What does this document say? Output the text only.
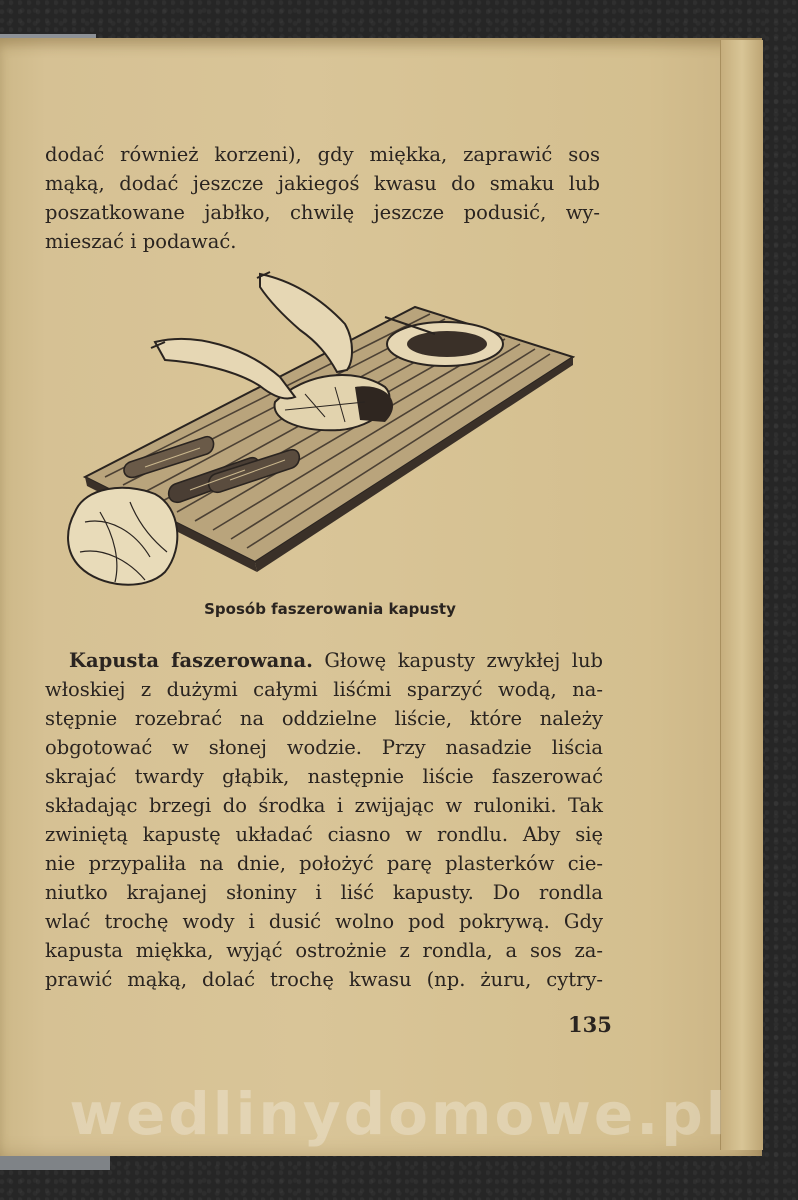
dodać również korzeni), gdy miękka, zaprawić sos
mąką, dodać jeszcze jakiegoś kwasu do smaku lub
poszatkowane jabłko, chwilę jeszcze podusić, wy-
mieszać i podawać.
Sposób faszerowania kapusty
Kapusta faszerowana. Głowę kapusty zwykłej lub
włoskiej z dużymi całymi liśćmi sparzyć wodą, na-
stępnie rozebrać na oddzielne liście, które należy
obgotować w słonej wodzie. Przy nasadzie liścia
skrajać twardy głąbik, następnie liście faszerować
składając brzegi do środka i zwijając w ruloniki. Tak
zwiniętą kapustę układać ciasno w rondlu. Aby się
nie przypaliła na dnie, położyć parę plasterków cie-
niutko krajanej słoniny i liść kapusty. Do rondla
wlać trochę wody i dusić wolno pod pokrywą. Gdy
kapusta miękka, wyjąć ostrożnie z rondla, a sos za-
prawić mąką, dolać trochę kwasu (np. żuru, cytry-
135
wedlinydomowe.pl
